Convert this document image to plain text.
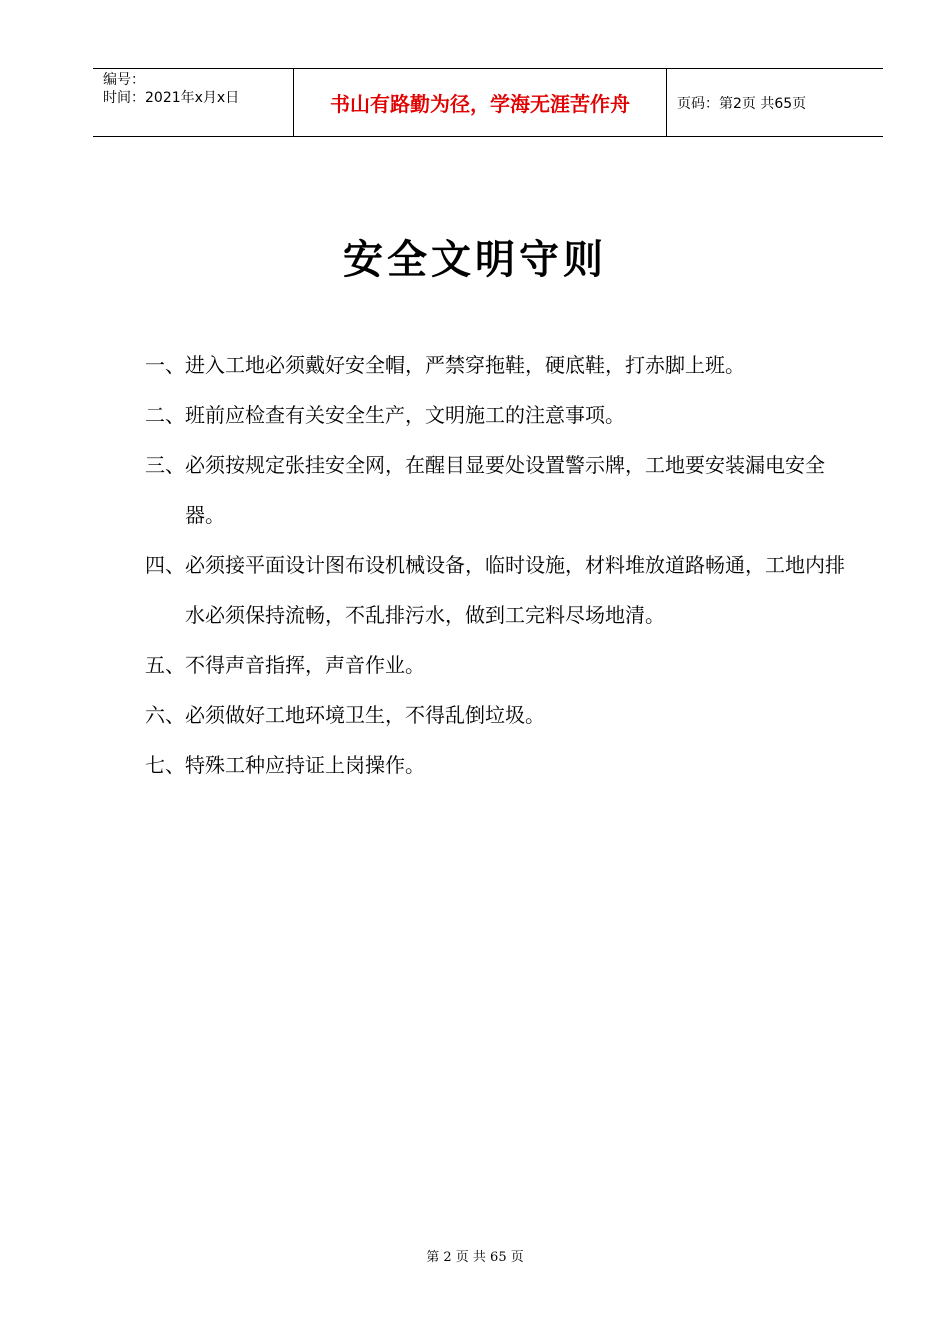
编号：
时间：2021年x月x日	书山有路勤为径，学海无涯苦作舟	页码：第2页 共65页
安全文明守则
一、 进入工地必须戴好安全帽，严禁穿拖鞋，硬底鞋，打赤脚上班。
二、 班前应检查有关安全生产，文明施工的注意事项。
三、 必须按规定张挂安全网，在醒目显要处设置警示牌，工地要安装漏电安全器。
四、 必须接平面设计图布设机械设备，临时设施，材料堆放道路畅通，工地内排水必须保持流畅，不乱排污水，做到工完料尽场地清。
五、 不得声音指挥，声音作业。
六、 必须做好工地环境卫生，不得乱倒垃圾。
七、 特殊工种应持证上岗操作。
第 2 页 共 65 页
